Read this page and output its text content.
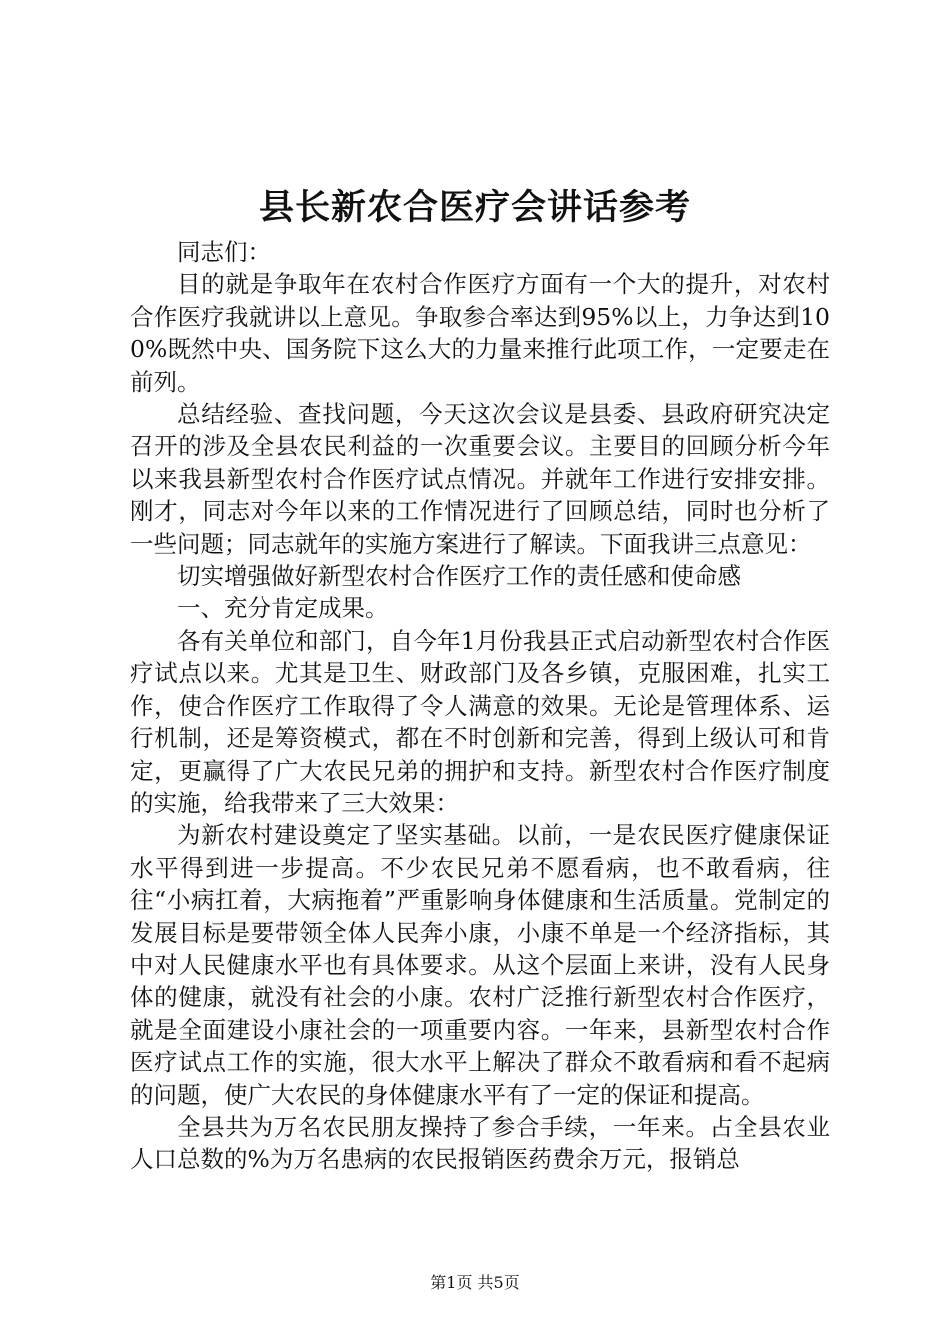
县长新农合医疗会讲话参考

同志们：

目的就是争取年在农村合作医疗方面有一个大的提升，对农村合作医疗我就讲以上意见。争取参合率达到95%以上，力争达到100%既然中央、国务院下这么大的力量来推行此项工作，一定要走在前列。

总结经验、查找问题，今天这次会议是县委、县政府研究决定召开的涉及全县农民利益的一次重要会议。主要目的回顾分析今年以来我县新型农村合作医疗试点情况。并就年工作进行安排安排。刚才，同志对今年以来的工作情况进行了回顾总结，同时也分析了一些问题；同志就年的实施方案进行了解读。下面我讲三点意见：

切实增强做好新型农村合作医疗工作的责任感和使命感

一、充分肯定成果。

各有关单位和部门，自今年1月份我县正式启动新型农村合作医疗试点以来。尤其是卫生、财政部门及各乡镇，克服困难，扎实工作，使合作医疗工作取得了令人满意的效果。无论是管理体系、运行机制，还是筹资模式，都在不时创新和完善，得到上级认可和肯定，更赢得了广大农民兄弟的拥护和支持。新型农村合作医疗制度的实施，给我带来了三大效果：

为新农村建设奠定了坚实基础。以前，一是农民医疗健康保证水平得到进一步提高。不少农民兄弟不愿看病，也不敢看病，往往“小病扛着，大病拖着”严重影响身体健康和生活质量。党制定的发展目标是要带领全体人民奔小康，小康不单是一个经济指标，其中对人民健康水平也有具体要求。从这个层面上来讲，没有人民身体的健康，就没有社会的小康。农村广泛推行新型农村合作医疗，就是全面建设小康社会的一项重要内容。一年来，县新型农村合作医疗试点工作的实施，很大水平上解决了群众不敢看病和看不起病的问题，使广大农民的身体健康水平有了一定的保证和提高。

全县共为万名农民朋友操持了参合手续，一年来。占全县农业人口总数的%为万名患病的农民报销医药费余万元，报销总

第1页 共5页
